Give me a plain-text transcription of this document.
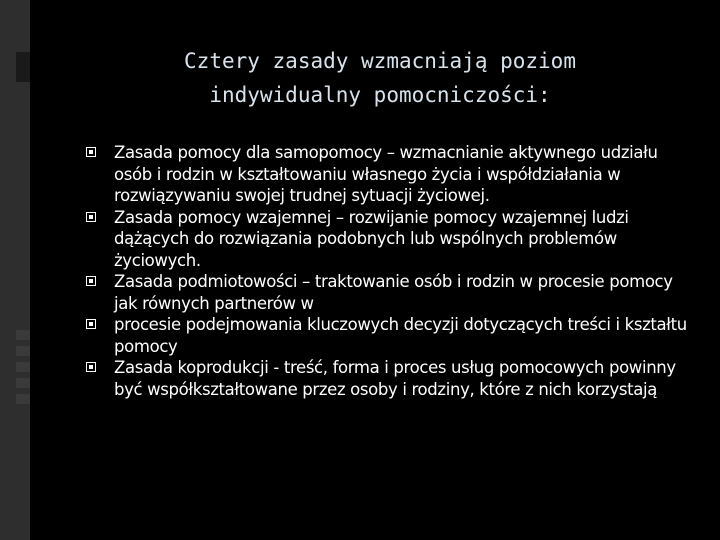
Cztery zasady wzmacniają poziom
indywidualny pomocniczości:
Zasada pomocy dla samopomocy – wzmacnianie aktywnego udziału osób i rodzin w kształtowaniu własnego życia i współdziałania w rozwiązywaniu swojej trudnej sytuacji życiowej.
Zasada pomocy wzajemnej – rozwijanie pomocy wzajemnej ludzi dążących do rozwiązania podobnych lub wspólnych problemów życiowych.
Zasada podmiotowości – traktowanie osób i rodzin w procesie pomocy jak równych partnerów w
procesie podejmowania kluczowych decyzji dotyczących treści i kształtu pomocy
Zasada koprodukcji - treść, forma i proces usług pomocowych powinny być współkształtowane przez osoby i rodziny, które z nich korzystają
